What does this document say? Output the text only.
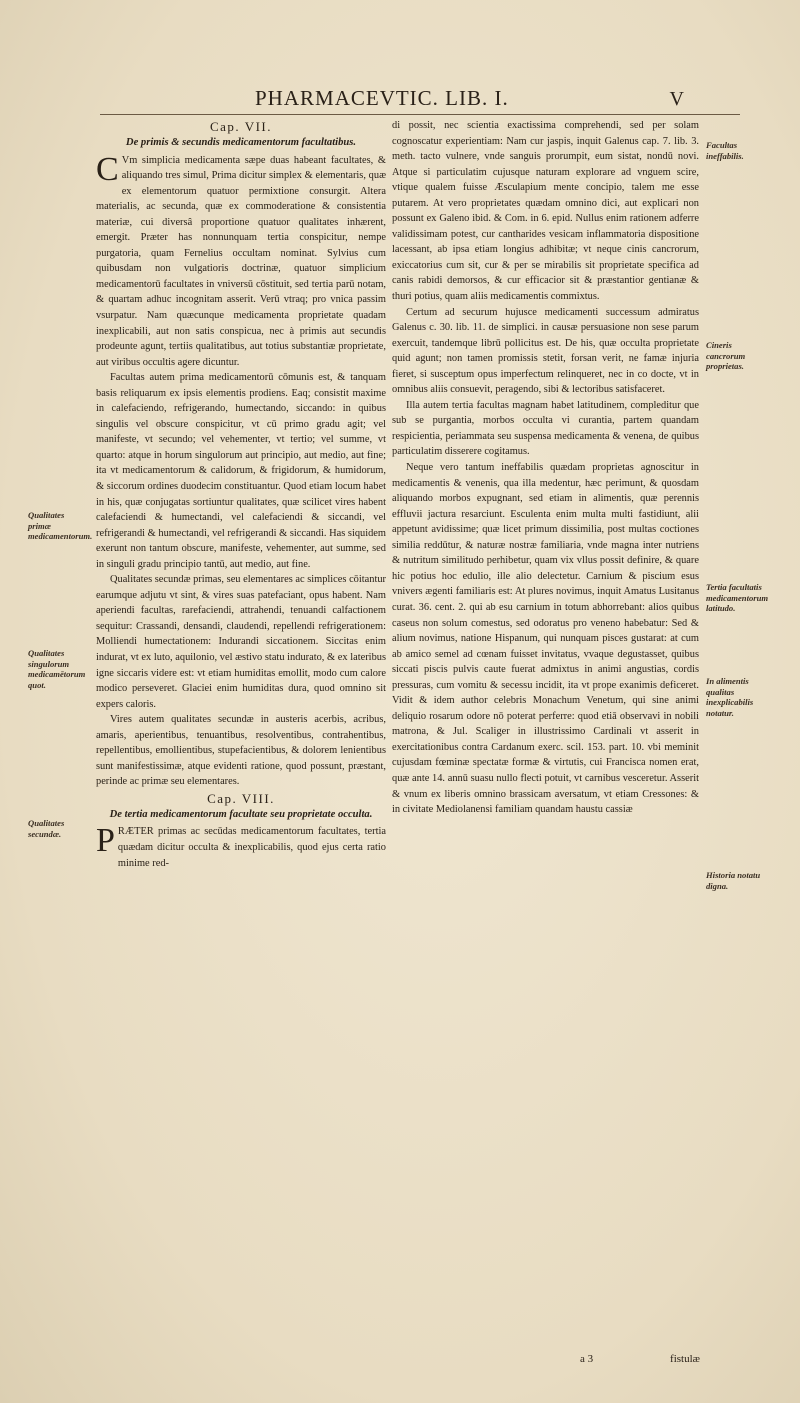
PHARMACEVTIC. LIB. I.	V

Cap. VII.

De primis & secundis medicamentorum facultatibus.

C Vm simplicia medicamenta sæpe duas habeant facultates, & aliquando tres simul, Prima dicitur simplex & elementaris, quæ ex elementorum quatuor permixtione consurgit. Altera materialis, ac secunda, quæ ex commoderatione & consistentia materiæ, cui diversâ proportione quatuor qualitates inhærent, emergit. Præter has nonnunquam tertia conspicitur, nempe purgatoria, quam Fernelius occultam nominat. Sylvius cum quibusdam non vulgatioris doctrinæ, quatuor simplicium medicamentorū facultates in vniversū cōstituit, sed tertia parū notam, & quartam adhuc incognitam asserit. Verū vtraq; pro vnica passim vsurpatur. Nam quæcunque medicamenta proprietate quadam inexplicabili, aut non satis conspicua, nec à primis aut secundis prodeunte agunt, tertiis qualitatibus, aut totius substantiæ proprietate, aut viribus occultis agere dicuntur.

Facultas autem prima medicamentorū cōmunis est, & tanquam basis reliquarum ex ipsis elementis prodiens. Eaq; consistit maxime in calefaciendo, refrigerando, humectando, siccando: in quibus singulis vel obscure conspicitur, vt cū primo gradu agit; vel manifeste, vt secundo; vel vehementer, vt tertio; vel summe, vt quarto: atque in horum singulorum aut principio, aut medio, aut fine; ita vt medicamentorum & calidorum, & frigidorum, & humidorum, & siccorum ordines duodecim constituantur. Quod etiam locum habet in his, quæ conjugatas sortiuntur qualitates, quæ scilicet vires habent calefaciendi & humectandi, vel calefaciendi & siccandi, vel refrigerandi & humectandi, vel refrigerandi & siccandi. Has siquidem exerunt non tantum obscure, manifeste, vehementer, aut summe, sed in singuli gradu principio tantū, aut medio, aut fine.

Qualitates secundæ primas, seu elementares ac simplices cōitantur earumque adjutu vt sint, & vires suas patefaciant, opus habent. Nam aperiendi facultas, rarefaciendi, attrahendi, tenuandi calfactionem sequitur: Crassandi, densandi, claudendi, repellendi refrigerationem: Molliendi humectationem: Indurandi siccationem. Siccitas enim indurat, vt ex luto, aquilonio, vel æstivo statu indurato, & ex lateribus igne siccaris videre est: vt etiam humiditas emollit, modo cum calore modico perseveret. Glaciei enim humiditas dura, quod omnino sit expers caloris.

Vires autem qualitates secundæ in austeris acerbis, acribus, amaris, aperientibus, tenuantibus, resolventibus, contrahentibus, repellentibus, emollientibus, stupefacientibus, & dolorem lenientibus sunt manifestissimæ, atque evidenti ratione, quod possunt, præstant, perinde ac primæ seu elementares.

Cap. VIII.

De tertia medicamentorum facultate seu proprietate occulta.

PRÆTER primas ac secūdas medicamentorum facultates, tertia quædam dicitur occulta & inexplicabilis, quod ejus certa ratio minime red-

di possit, nec scientia exactissima comprehendi, sed per solam cognoscatur experientiam: Nam cur jaspis, inquit Galenus cap. 7. lib. 3. meth. tacto vulnere, vnde sanguis prorumpit, eum sistat, nondū novi. Atque si particulatim cujusque naturam explorare ad vnguem scire, vtique qualem fuisse Æsculapium mente concipio, talem me esse putarem. At vero proprietates quædam omnino dici, aut explicari non possunt ex Galeno ibid. & Com. in 6. epid. Nullus enim rationem adferre validissimam potest, cur cantharides vesicam inflammatoria dispositione lacessant, ab ipsa etiam longius adhibitæ; vt neque cinis cancrorum, exiccatorius cum sit, cur & per se mirabilis sit proprietate specifica ad canis rabidi demorsos, & cur efficacior sit & præstantior gentianæ & thuri potius, quam aliis medicamentis commixtus.

Certum ad securum hujusce medicamenti successum admiratus Galenus c. 30. lib. 11. de simplici. in causæ persuasione non sese parum exercuit, tandemque librū pollicitus est. De his, quæ occulta proprietate quid agunt; non tamen promissis stetit, forsan verit, ne famæ injuria fieret, si susceptum opus imperfectum relinqueret, nec in co docte, vt in omnibus aliis consuevit, peragendo, sibi & lectoribus satisfaceret.

Illa autem tertia facultas magnam habet latitudinem, compleditur que sub se purgantia, morbos occulta vi curantia, partem quandam respicientia, periammata seu suspensa medicamenta & venena, de quibus particulatim disserere cogitamus.

Neque vero tantum ineffabilis quædam proprietas agnoscitur in medicamentis & venenis, qua illa medentur, hæc perimunt, & quosdam aliquando morbos expugnant, sed etiam in alimentis, quæ perennis effluvii jactura resarciunt. Esculenta enim multa multi fastidiunt, alii appetunt avidissime; quæ licet primum dissimilia, post multas coctiones similia reddūtur, & naturæ nostræ familiaria, vnde magna inter nutriens & nutritum similitudo perhibetur, quam vix vllus possit definire, & quare hic potius hoc edulio, ille alio delectetur. Carnium & piscium esus vnivers ægenti familiaris est: At plures novimus, inquit Amatus Lusitanus curat. 36. cent. 2. qui ab esu carnium in totum abhorrebant: alios quibus caseus non solum comestus, sed odoratus pro veneno habebatur: Sed & alium novimus, natione Hispanum, qui nunquam pisces gustarat: at cum ab amico semel ad cœnam fuisset invitatus, vvaque degustasset, quibus siccati piscis pulvis caute fuerat admixtus in animi angustias, cordis pressuras, cum vomitu & secessu incidit, ita vt prope exanimis deficeret. Vidit & idem author celebris Monachum Venetum, qui sine animi deliquio rosarum odore nō poterat perferre: quod etiā observavi in nobili matrona, & Jul. Scaliger in illustrissimo Cardinali vt asserit in exercitationibus contra Cardanum exerc. scil. 153. part. 10. vbi meminit cujusdam fœminæ spectatæ formæ & virtutis, cui Francisca nomen erat, quæ ante 14. annū suasu nullo flecti potuit, vt carnibus vesceretur. Asserit & vnum ex liberis omnino brassicam aversatum, vt etiam Cressones: & in civitate Mediolanensi familiam quandam haustu cassiæ

Qualitates primæ medicamentorum.
Qualitates singulorum medicamētorum quot.
Qualitates secundæ.
Facultas ineffabilis.
Cineris cancrorum proprietas.
Tertia facultatis medicamentorum latitudo.
In alimentis qualitas inexplicabilis notatur.
Historia notatu digna.
a 3	fistulæ
